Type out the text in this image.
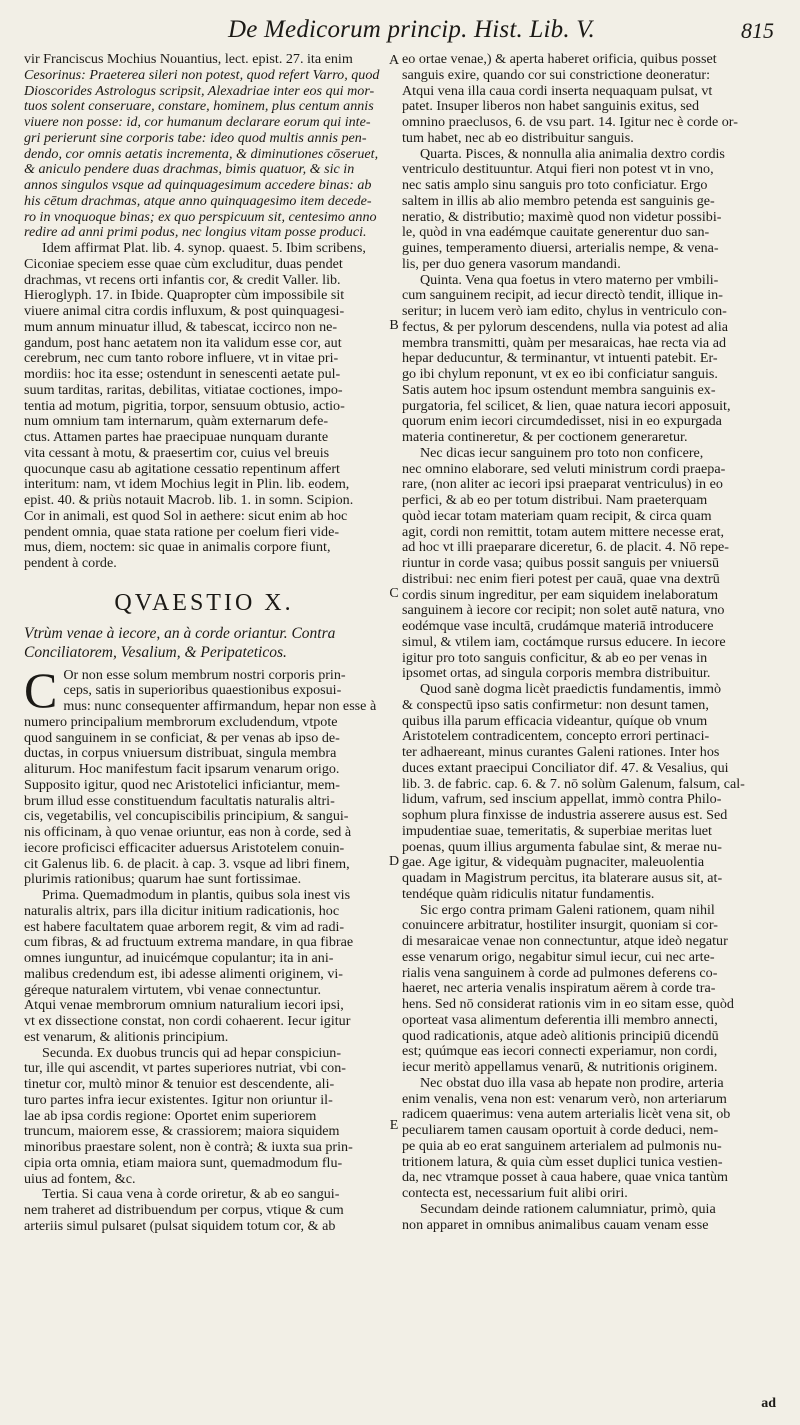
De Medicorum princip. Hist. Lib. V.	815
A
B
C
D
E

vir Franciscus Mochius Nouantius, lect. epist. 27. ita enim

Cesorinus: Praeterea sileri non potest, quod refert Varro, quod

Dioscorides Astrologus scripsit, Alexadriae inter eos qui mor-

tuos solent conseruare, constare, hominem, plus centum annis

viuere non posse: id, cor humanum declarare eorum qui inte-

gri perierunt sine corporis tabe: ideo quod multis annis pen-

dendo, cor omnis aetatis incrementa, & diminutiones cōseruet,

& aniculo pendere duas drachmas, bimis quatuor, & sic in

annos singulos vsque ad quinquagesimum accedere binas: ab

his cētum drachmas, atque anno quinquagesimo item decede-

ro in vnoquoque binas; ex quo perspicuum sit, centesimo anno

redire ad anni primi podus, nec longius vitam posse produci.

Idem affirmat Plat. lib. 4. synop. quaest. 5. Ibim scribens,

Ciconiae speciem esse quae cùm excluditur, duas pendet

drachmas, vt recens orti infantis cor, & credit Valler. lib.

Hieroglyph. 17. in Ibide. Quapropter cùm impossibile sit

viuere animal citra cordis influxum, & post quinquagesi-

mum annum minuatur illud, & tabescat, iccirco non ne-

gandum, post hanc aetatem non ita validum esse cor, aut

cerebrum, nec cum tanto robore influere, vt in vitae pri-

mordiis: hoc ita esse; ostendunt in senescenti aetate pul-

suum tarditas, raritas, debilitas, vitiatae coctiones, impo-

tentia ad motum, pigritia, torpor, sensuum obtusio, actio-

num omnium tam internarum, quàm externarum defe-

ctus. Attamen partes hae praecipuae nunquam durante

vita cessant à motu, & praesertim cor, cuius vel breuis

quocunque casu ab agitatione cessatio repentinum affert

interitum: nam, vt idem Mochius legit in Plin. lib. eodem,

epist. 40. & priùs notauit Macrob. lib. 1. in somn. Scipion.

Cor in animali, est quod Sol in aethere: sicut enim ab hoc

pendent omnia, quae stata ratione per coelum fieri vide-

mus, diem, noctem: sic quae in animalis corpore fiunt,

pendent à corde.

QVAESTIO X.

Vtrùm venae à iecore, an à corde oriantur. Contra

Conciliatorem, Vesalium, & Peripateticos.

C Or non esse solum membrum nostri corporis prin-

ceps, satis in superioribus quaestionibus exposui-

mus: nunc consequenter affirmandum, hepar non esse à

numero principalium membrorum excludendum, vtpote

quod sanguinem in se conficiat, & per venas ab ipso de-

ductas, in corpus vniuersum distribuat, singula membra

aliturum. Hoc manifestum facit ipsarum venarum origo.

Supposito igitur, quod nec Aristotelici inficiantur, mem-

brum illud esse constituendum facultatis naturalis altri-

cis, vegetabilis, vel concupiscibilis principium, & sangui-

nis officinam, à quo venae oriuntur, eas non à corde, sed à

iecore proficisci efficaciter aduersus Aristotelem conuin-

cit Galenus lib. 6. de placit. à cap. 3. vsque ad libri finem,

plurimis rationibus; quarum hae sunt fortissimae.

Prima. Quemadmodum in plantis, quibus sola inest vis

naturalis altrix, pars illa dicitur initium radicationis, hoc

est habere facultatem quae arborem regit, & vim ad radi-

cum fibras, & ad fructuum extrema mandare, in qua fibrae

omnes iunguntur, ad inuicémque copulantur; ita in ani-

malibus credendum est, ibi adesse alimenti originem, vi-

géreque naturalem virtutem, vbi venae connectuntur.

Atqui venae membrorum omnium naturalium iecori ipsi,

vt ex dissectione constat, non cordi cohaerent. Iecur igitur

est venarum, & alitionis principium.

Secunda. Ex duobus truncis qui ad hepar conspiciun-

tur, ille qui ascendit, vt partes superiores nutriat, vbi con-

tinetur cor, multò minor & tenuior est descendente, ali-

turo partes infra iecur existentes. Igitur non oriuntur il-

lae ab ipsa cordis regione: Oportet enim superiorem

truncum, maiorem esse, & crassiorem; maiora siquidem

minoribus praestare solent, non è contrà; & iuxta sua prin-

cipia orta omnia, etiam maiora sunt, quemadmodum flu-

uius ad fontem, &c.

Tertia. Si caua vena à corde oriretur, & ab eo sangui-

nem traheret ad distribuendum per corpus, vtique & cum

arteriis simul pulsaret (pulsat siquidem totum cor, & ab

eo ortae venae,) & aperta haberet orificia, quibus posset

sanguis exire, quando cor sui constrictione deoneratur:

Atqui vena illa caua cordi inserta nequaquam pulsat, vt

patet. Insuper liberos non habet sanguinis exitus, sed

omnino praeclusos, 6. de vsu part. 14. Igitur nec è corde or-

tum habet, nec ab eo distribuitur sanguis.

Quarta. Pisces, & nonnulla alia animalia dextro cordis

ventriculo destituuntur. Atqui fieri non potest vt in vno,

nec satis amplo sinu sanguis pro toto conficiatur. Ergo

saltem in illis ab alio membro petenda est sanguinis ge-

neratio, & distributio; maximè quod non videtur possibi-

le, quòd in vna eadémque cauitate generentur duo san-

guines, temperamento diuersi, arterialis nempe, & vena-

lis, per duo genera vasorum mandandi.

Quinta. Vena qua foetus in vtero materno per vmbili-

cum sanguinem recipit, ad iecur directò tendit, illique in-

seritur; in lucem verò iam edito, chylus in ventriculo con-

fectus, & per pylorum descendens, nulla via potest ad alia

membra transmitti, quàm per mesaraicas, hae recta via ad

hepar deducuntur, & terminantur, vt intuenti patebit. Er-

go ibi chylum reponunt, vt ex eo ibi conficiatur sanguis.

Satis autem hoc ipsum ostendunt membra sanguinis ex-

purgatoria, fel scilicet, & lien, quae natura iecori apposuit,

quorum enim iecori circumdedisset, nisi in eo expurgada

materia contineretur, & per coctionem generaretur.

Nec dicas iecur sanguinem pro toto non conficere,

nec omnino elaborare, sed veluti ministrum cordi praepa-

rare, (non aliter ac iecori ipsi praeparat ventriculus) in eo

perfici, & ab eo per totum distribui. Nam praeterquam

quòd iecar totam materiam quam recipit, & circa quam

agit, cordi non remittit, totam autem mittere necesse erat,

ad hoc vt illi praeparare diceretur, 6. de placit. 4. Nō repe-

riuntur in corde vasa; quibus possit sanguis per vniuersū

distribui: nec enim fieri potest per cauā, quae vna dextrū

cordis sinum ingreditur, per eam siquidem inelaboratum

sanguinem à iecore cor recipit; non solet autē natura, vno

eodémque vase incultā, crudámque materiā introducere

simul, & vtilem iam, coctámque rursus educere. In iecore

igitur pro toto sanguis conficitur, & ab eo per venas in

ipsomet ortas, ad singula corporis membra distribuitur.

Quod sanè dogma licèt praedictis fundamentis, immò

& conspectū ipso satis confirmetur: non desunt tamen,

quibus illa parum efficacia videantur, quíque ob vnum

Aristotelem contradicentem, concepto errori pertinaci-

ter adhaereant, minus curantes Galeni rationes. Inter hos

duces extant praecipui Conciliator dif. 47. & Vesalius, qui

lib. 3. de fabric. cap. 6. & 7. nō solùm Galenum, falsum, cal-

lidum, vafrum, sed inscium appellat, immò contra Philo-

sophum plura finxisse de industria asserere ausus est. Sed

impudentiae suae, temeritatis, & superbiae meritas luet

poenas, quum illius argumenta fabulae sint, & merae nu-

gae. Age igitur, & videquàm pugnaciter, maleuolentia

quadam in Magistrum percitus, ita blaterare ausus sit, at-

tendéque quàm ridiculis nitatur fundamentis.

Sic ergo contra primam Galeni rationem, quam nihil

conuincere arbitratur, hostiliter insurgit, quoniam si cor-

di mesaraicae venae non connectuntur, atque ideò negatur

esse venarum origo, negabitur simul iecur, cui nec arte-

rialis vena sanguinem à corde ad pulmones deferens co-

haeret, nec arteria venalis inspiratum aërem à corde tra-

hens. Sed nō considerat rationis vim in eo sitam esse, quòd

oporteat vasa alimentum deferentia illi membro annecti,

quod radicationis, atque adeò alitionis principiū dicendū

est; quúmque eas iecori connecti experiamur, non cordi,

iecur meritò appellamus venarū, & nutritionis originem.

Nec obstat duo illa vasa ab hepate non prodire, arteria

enim venalis, vena non est: venarum verò, non arteriarum

radicem quaerimus: vena autem arterialis licèt vena sit, ob

peculiarem tamen causam oportuit à corde deduci, nem-

pe quia ab eo erat sanguinem arterialem ad pulmonis nu-

tritionem latura, & quia cùm esset duplici tunica vestien-

da, nec vtramque posset à caua habere, quae vnica tantùm

contecta est, necessarium fuit alibi oriri.

Secundam deinde rationem calumniatur, primò, quia

non apparet in omnibus animalibus cauam venam esse

ad
